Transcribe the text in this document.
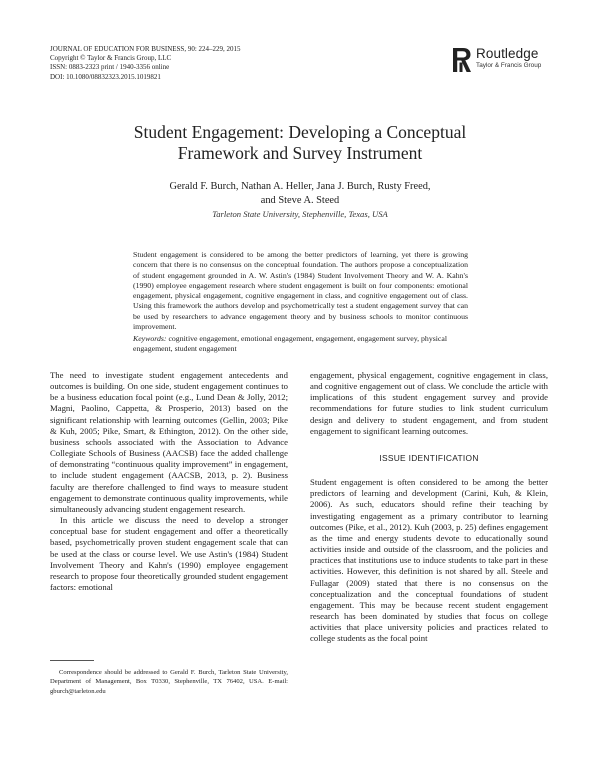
JOURNAL OF EDUCATION FOR BUSINESS, 90: 224–229, 2015
Copyright © Taylor & Francis Group, LLC
ISSN: 0883-2323 print / 1940-3356 online
DOI: 10.1080/08832323.2015.1019821
Routledge
Taylor & Francis Group
Student Engagement: Developing a Conceptual
Framework and Survey Instrument
Gerald F. Burch, Nathan A. Heller, Jana J. Burch, Rusty Freed,
and Steve A. Steed
Tarleton State University, Stephenville, Texas, USA
Student engagement is considered to be among the better predictors of learning, yet there is growing concern that there is no consensus on the conceptual foundation. The authors propose a conceptualization of student engagement grounded in A. W. Astin's (1984) Student Involvement Theory and W. A. Kahn's (1990) employee engagement research where student engagement is built on four components: emotional engagement, physical engagement, cognitive engagement in class, and cognitive engagement out of class. Using this framework the authors develop and psychometrically test a student engagement survey that can be used by researchers to advance engagement theory and by business schools to monitor continuous improvement.
Keywords: cognitive engagement, emotional engagement, engagement, engagement survey, physical engagement, student engagement

The need to investigate student engagement antecedents and outcomes is building. On one side, student engagement continues to be a business education focal point (e.g., Lund Dean & Jolly, 2012; Magni, Paolino, Cappetta, & Prosperio, 2013) based on the significant relationship with learning outcomes (Gellin, 2003; Pike & Kuh, 2005; Pike, Smart, & Ethington, 2012). On the other side, business schools associated with the Association to Advance Collegiate Schools of Business (AACSB) face the added challenge of demonstrating “continuous quality improvement” in engagement, to include student engagement (AACSB, 2013, p. 2). Business faculty are therefore challenged to find ways to measure student engagement to demonstrate continuous quality improvements, while simultaneously advancing student engagement research.

In this article we discuss the need to develop a stronger conceptual base for student engagement and offer a theoretically based, psychometrically proven student engagement scale that can be used at the class or course level. We use Astin's (1984) Student Involvement Theory and Kahn's (1990) employee engagement research to propose four theoretically grounded student engagement factors: emotional

engagement, physical engagement, cognitive engagement in class, and cognitive engagement out of class. We conclude the article with implications of this student engagement survey and provide recommendations for future studies to link student curriculum design and delivery to student engagement, and from student engagement to significant learning outcomes.

ISSUE IDENTIFICATION

Student engagement is often considered to be among the better predictors of learning and development (Carini, Kuh, & Klein, 2006). As such, educators should refine their teaching by investigating engagement as a primary contributor to learning outcomes (Pike, et al., 2012). Kuh (2003, p. 25) defines engagement as the time and energy students devote to educationally sound activities inside and outside of the classroom, and the policies and practices that institutions use to induce students to take part in these activities. However, this definition is not shared by all. Steele and Fullagar (2009) stated that there is no consensus on the conceptualization and the conceptual foundations of student engagement. This may be because recent student engagement research has been dominated by studies that focus on college activities that place university policies and practices related to college students as the focal point

Correspondence should be addressed to Gerald F. Burch, Tarleton State University, Department of Management, Box T0330, Stephenville, TX 76402, USA. E-mail: gburch@tarleton.edu
